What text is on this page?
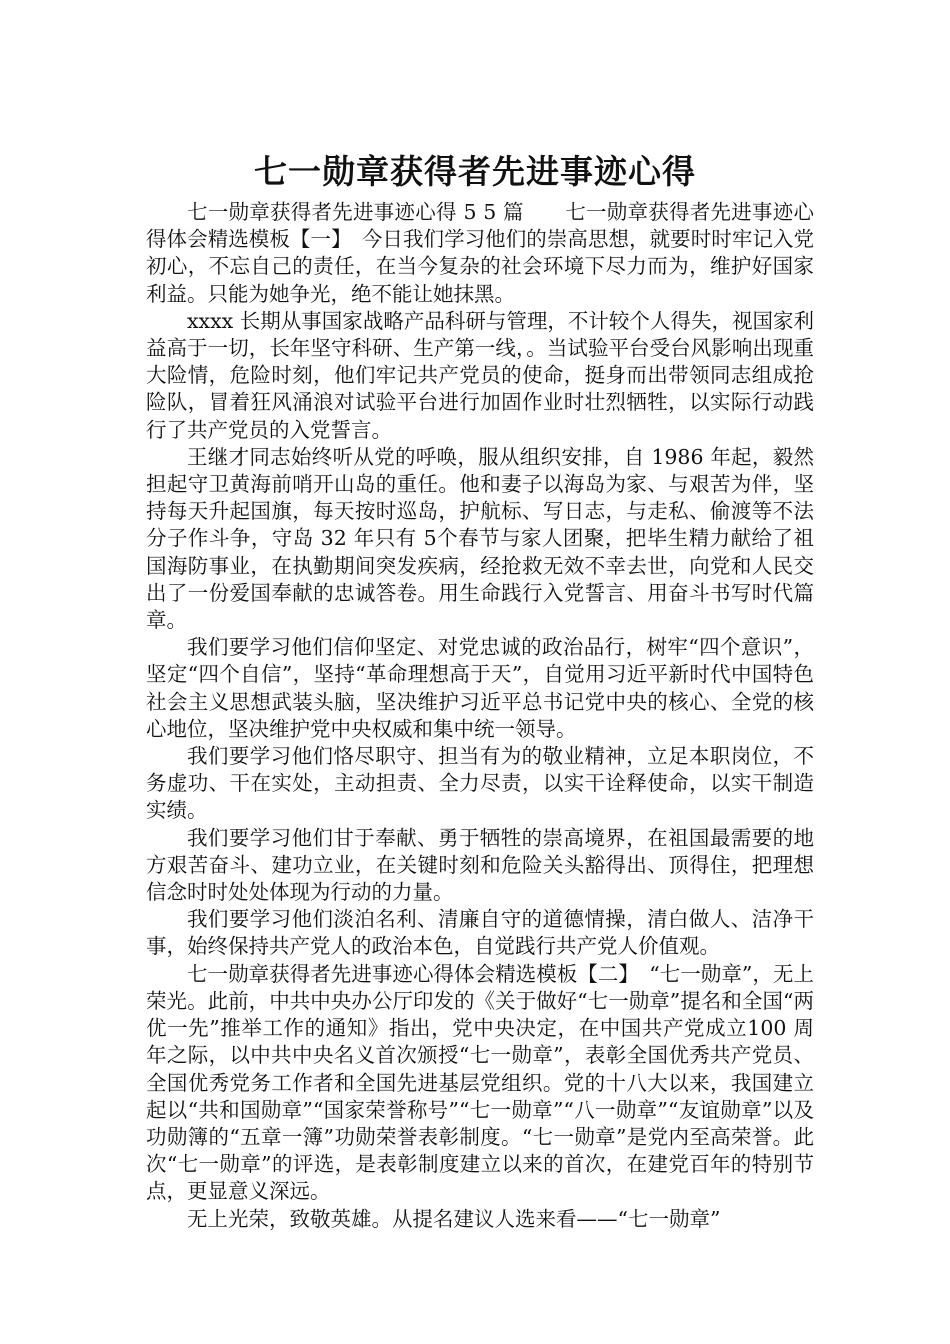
七一勋章获得者先进事迹心得

七一勋章获得者先进事迹心得 5 5 篇　　七一勋章获得者先进事迹心得体会精选模板【一】　今日我们学习他们的崇高思想，就要时时牢记入党初心，不忘自己的责任，在当今复杂的社会环境下尽力而为，维护好国家利益。只能为她争光，绝不能让她抹黑。

xxxx 长期从事国家战略产品科研与管理，不计较个人得失，视国家利益高于一切，长年坚守科研、生产第一线，。当试验平台受台风影响出现重大险情，危险时刻，他们牢记共产党员的使命，挺身而出带领同志组成抢险队，冒着狂风涌浪对试验平台进行加固作业时壮烈牺牲，以实际行动践行了共产党员的入党誓言。

王继才同志始终听从党的呼唤，服从组织安排，自 1986 年起，毅然担起守卫黄海前哨开山岛的重任。他和妻子以海岛为家、与艰苦为伴，坚持每天升起国旗，每天按时巡岛，护航标、写日志，与走私、偷渡等不法分子作斗争，守岛 32 年只有 5个春节与家人团聚，把毕生精力献给了祖国海防事业，在执勤期间突发疾病，经抢救无效不幸去世，向党和人民交出了一份爱国奉献的忠诚答卷。用生命践行入党誓言、用奋斗书写时代篇章。

我们要学习他们信仰坚定、对党忠诚的政治品行，树牢“四个意识”，坚定“四个自信”，坚持“革命理想高于天”，自觉用习近平新时代中国特色社会主义思想武装头脑，坚决维护习近平总书记党中央的核心、全党的核心地位，坚决维护党中央权威和集中统一领导。

我们要学习他们恪尽职守、担当有为的敬业精神，立足本职岗位，不务虚功、干在实处，主动担责、全力尽责，以实干诠释使命，以实干制造实绩。

我们要学习他们甘于奉献、勇于牺牲的崇高境界，在祖国最需要的地方艰苦奋斗、建功立业，在关键时刻和危险关头豁得出、顶得住，把理想信念时时处处体现为行动的力量。

我们要学习他们淡泊名利、清廉自守的道德情操，清白做人、洁净干事，始终保持共产党人的政治本色，自觉践行共产党人价值观。

七一勋章获得者先进事迹心得体会精选模板【二】　“七一勋章”，无上荣光。此前，中共中央办公厅印发的《关于做好“七一勋章”提名和全国“两优一先”推举工作的通知》指出，党中央决定，在中国共产党成立100 周年之际，以中共中央名义首次颁授“七一勋章”，表彰全国优秀共产党员、全国优秀党务工作者和全国先进基层党组织。党的十八大以来，我国建立起以“共和国勋章”“国家荣誉称号”“七一勋章”“八一勋章”“友谊勋章”以及功勋簿的“五章一簿”功勋荣誉表彰制度。“七一勋章”是党内至高荣誉。此次“七一勋章”的评选，是表彰制度建立以来的首次，在建党百年的特别节点，更显意义深远。

无上光荣，致敬英雄。从提名建议人选来看——“七一勋章”
